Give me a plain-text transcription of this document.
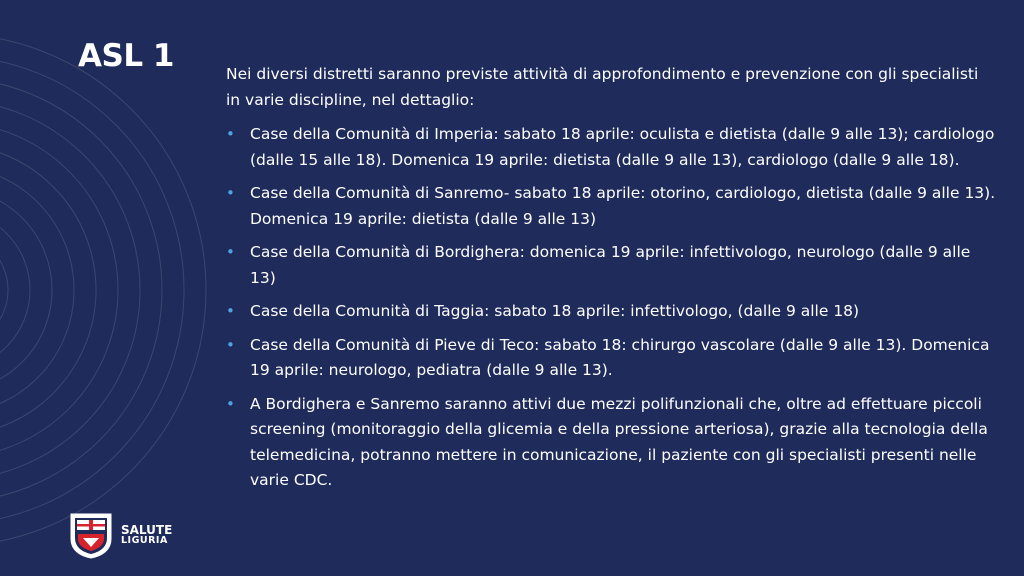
ASL 1	Nei diversi distretti saranno previste attività di approfondimento e prevenzione con gli specialisti in varie discipline, nel dettaglio:

• Case della Comunità di Imperia: sabato 18 aprile: oculista e dietista (dalle 9 alle 13); cardiologo (dalle 15 alle 18). Domenica 19 aprile: dietista (dalle 9 alle 13), cardiologo (dalle 9 alle 18).
• Case della Comunità di Sanremo- sabato 18 aprile: otorino, cardiologo, dietista (dalle 9 alle 13). Domenica 19 aprile: dietista (dalle 9 alle 13)
• Case della Comunità di Bordighera: domenica 19 aprile: infettivologo, neurologo (dalle 9 alle 13)
• Case della Comunità di Taggia: sabato 18 aprile: infettivologo, (dalle 9 alle 18)
• Case della Comunità di Pieve di Teco: sabato 18: chirurgo vascolare (dalle 9 alle 13). Domenica 19 aprile: neurologo, pediatra (dalle 9 alle 13).
• A Bordighera e Sanremo saranno attivi due mezzi polifunzionali che, oltre ad effettuare piccoli screening (monitoraggio della glicemia e della pressione arteriosa), grazie alla tecnologia della telemedicina, potranno mettere in comunicazione, il paziente con gli specialisti presenti nelle varie CDC.
SALUTE
LIGURIA
